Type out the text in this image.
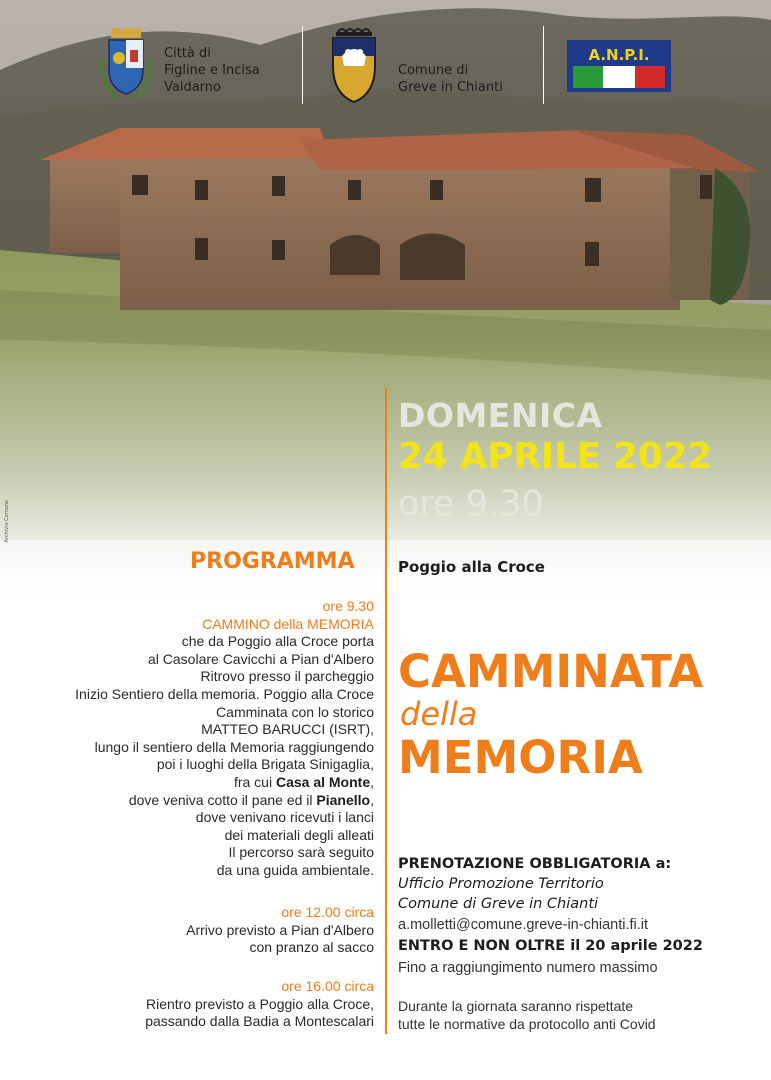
Città di
Figline e Incisa
Valdarno
Comune di
Greve in Chianti
A.N.P.I.
DOMENICA
24 APRILE 2022
ore 9.30
Archivio Comune
PROGRAMMA	Poggio alla Croce
ore 9.30
CAMMINO della MEMORIA
che da Poggio alla Croce porta
al Casolare Cavicchi a Pian d'Albero
Ritrovo presso il parcheggio
Inizio Sentiero della memoria. Poggio alla Croce
Camminata con lo storico
MATTEO BARUCCI (ISRT),
lungo il sentiero della Memoria raggiungendo
poi i luoghi della Brigata Sinigaglia,
fra cui Casa al Monte,
dove veniva cotto il pane ed il Pianello,
dove venivano ricevuti i lanci
dei materiali degli alleati
Il percorso sarà seguito
da una guida ambientale.
ore 12.00 circa
Arrivo previsto a Pian d'Albero
con pranzo al sacco
ore 16.00 circa
Rientro previsto a Poggio alla Croce,
passando dalla Badia a Montescalari
CAMMINATA
della
MEMORIA
PRENOTAZIONE OBBLIGATORIA a:
Ufficio Promozione Territorio
Comune di Greve in Chianti
a.molletti@comune.greve-in-chianti.fi.it
ENTRO E NON OLTRE il 20 aprile 2022
Fino a raggiungimento numero massimo
Durante la giornata saranno rispettate
tutte le normative da protocollo anti Covid
